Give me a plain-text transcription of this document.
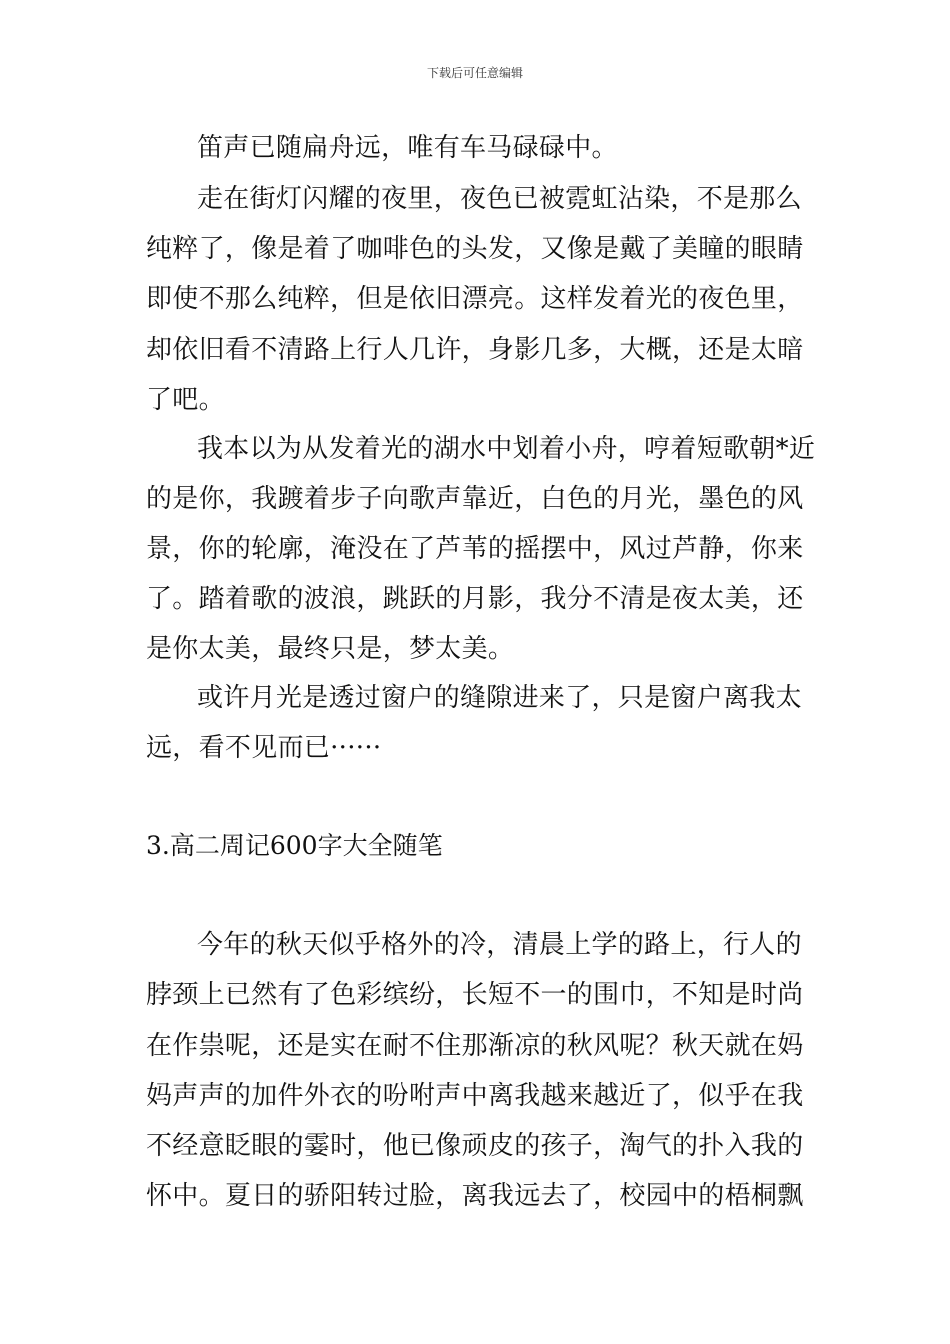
下载后可任意编辑
笛声已随扁舟远，唯有车马碌碌中。
走在街灯闪耀的夜里，夜色已被霓虹沾染，不是那么
纯粹了，像是着了咖啡色的头发，又像是戴了美瞳的眼睛
即使不那么纯粹，但是依旧漂亮。这样发着光的夜色里，
却依旧看不清路上行人几许，身影几多，大概，还是太暗
了吧。
我本以为从发着光的湖水中划着小舟，哼着短歌朝*近
的是你，我踱着步子向歌声靠近，白色的月光，墨色的风
景，你的轮廓，淹没在了芦苇的摇摆中，风过芦静，你来
了。踏着歌的波浪，跳跃的月影，我分不清是夜太美，还
是你太美，最终只是，梦太美。
或许月光是透过窗户的缝隙进来了，只是窗户离我太
远，看不见而已······
3.高二周记600字大全随笔
今年的秋天似乎格外的冷，清晨上学的路上，行人的
脖颈上已然有了色彩缤纷，长短不一的围巾，不知是时尚
在作祟呢，还是实在耐不住那渐凉的秋风呢？秋天就在妈
妈声声的加件外衣的吩咐声中离我越来越近了，似乎在我
不经意眨眼的霎时，他已像顽皮的孩子，淘气的扑入我的
怀中。夏日的骄阳转过脸，离我远去了，校园中的梧桐飘
